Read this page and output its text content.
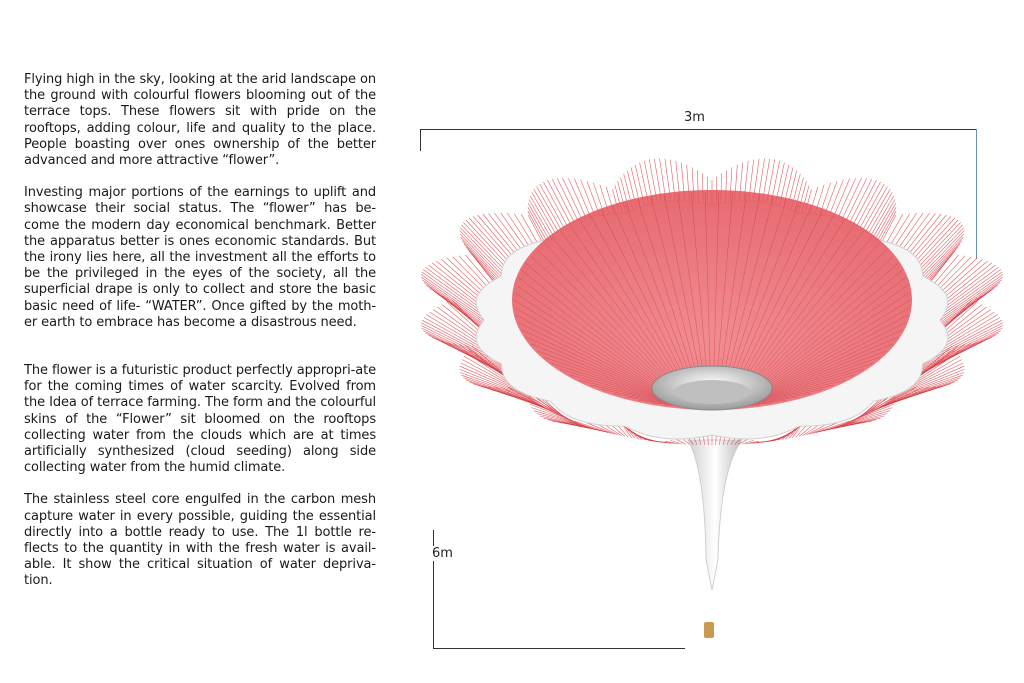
Flying high in the sky, looking at the arid landscape on the ground with colourful flowers blooming out of the terrace tops. These flowers sit with pride on the rooftops, adding colour, life and quality to the place. People boasting over ones ownership of the better advanced and more attractive “flower”.

Investing major portions of the earnings to uplift and showcase their social status. The “flower” has be-come the modern day economical benchmark. Better the apparatus better is ones economic standards. But the irony lies here, all the investment all the efforts to be the privileged in the eyes of the society, all the superficial drape is only to collect and store the basic basic need of life- “WATER”. Once gifted by the moth-er earth to embrace has become a disastrous need.

The flower is a futuristic product perfectly appropri-ate for the coming times of water scarcity. Evolved from the Idea of terrace farming. The form and the colourful skins of the “Flower” sit bloomed on the rooftops collecting water from the clouds which are at times artificially synthesized (cloud seeding) along side collecting water from the humid climate.

The stainless steel core engulfed in the carbon mesh capture water in every possible, guiding the essential directly into a bottle ready to use. The 1l bottle re-flects to the quantity in with the fresh water is avail-able. It show the critical situation of water depriva-tion.

3m
6m
